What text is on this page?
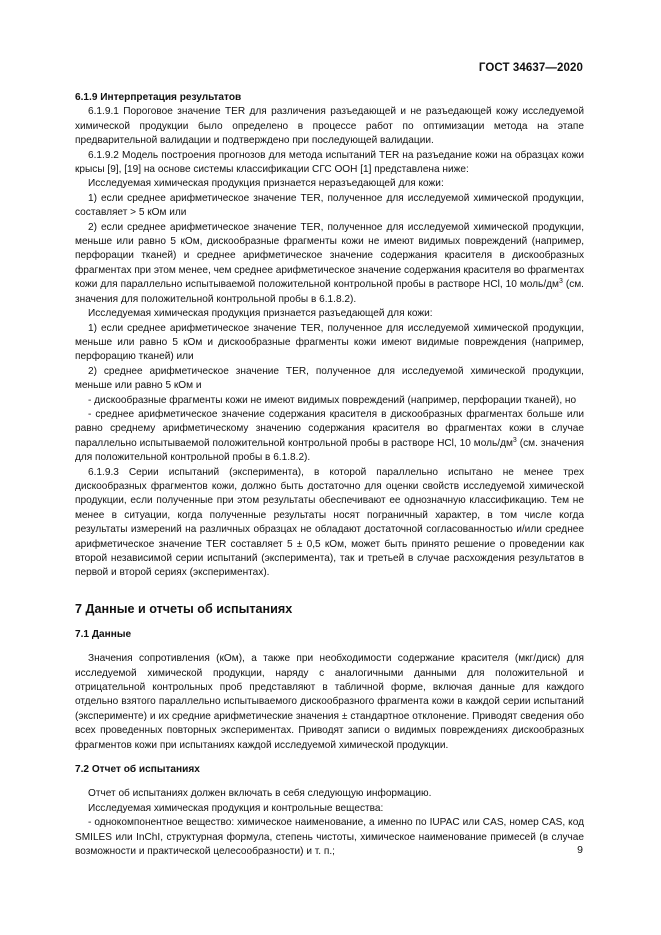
ГОСТ 34637—2020

6.1.9 Интерпретация результатов

6.1.9.1 Пороговое значение TER для различения разъедающей и не разъедающей кожу исследуемой химической продукции было определено в процессе работ по оптимизации метода на этапе предварительной валидации и подтверждено при последующей валидации.

6.1.9.2 Модель построения прогнозов для метода испытаний TER на разъедание кожи на образцах кожи крысы [9], [19] на основе системы классификации СГС ООН [1] представлена ниже:

Исследуемая химическая продукция признается неразъедающей для кожи:

1) если среднее арифметическое значение TER, полученное для исследуемой химической продукции, составляет > 5 кОм или

2) если среднее арифметическое значение TER, полученное для исследуемой химической продукции, меньше или равно 5 кОм, дискообразные фрагменты кожи не имеют видимых повреждений (например, перфорации тканей) и среднее арифметическое значение содержания красителя в дискообразных фрагментах при этом менее, чем среднее арифметическое значение содержания красителя во фрагментах кожи для параллельно испытываемой положительной контрольной пробы в растворе HCl, 10 моль/$дм^3$ (см. значения для положительной контрольной пробы в 6.1.8.2).

Исследуемая химическая продукция признается разъедающей для кожи:

1) если среднее арифметическое значение TER, полученное для исследуемой химической продукции, меньше или равно 5 кОм и дискообразные фрагменты кожи имеют видимые повреждения (например, перфорацию тканей) или

2) среднее арифметическое значение TER, полученное для исследуемой химической продукции, меньше или равно 5 кОм и

- дискообразные фрагменты кожи не имеют видимых повреждений (например, перфорации тканей), но

- среднее арифметическое значение содержания красителя в дискообразных фрагментах больше или равно среднему арифметическому значению содержания красителя во фрагментах кожи в случае параллельно испытываемой положительной контрольной пробы в растворе HCl, 10 моль/$дм^3$ (см. значения для положительной контрольной пробы в 6.1.8.2).

6.1.9.3 Серии испытаний (эксперимента), в которой параллельно испытано не менее трех дискообразных фрагментов кожи, должно быть достаточно для оценки свойств исследуемой химической продукции, если полученные при этом результаты обеспечивают ее однозначную классификацию. Тем не менее в ситуации, когда полученные результаты носят пограничный характер, в том числе когда результаты измерений на различных образцах не обладают достаточной согласованностью и/или среднее арифметическое значение TER составляет 5 ± 0,5 кОм, может быть принято решение о проведении как второй независимой серии испытаний (эксперимента), так и третьей в случае расхождения результатов в первой и второй сериях (экспериментах).

7 Данные и отчеты об испытаниях

7.1 Данные

Значения сопротивления (кОм), а также при необходимости содержание красителя (мкг/диск) для исследуемой химической продукции, наряду с аналогичными данными для положительной и отрицательной контрольных проб представляют в табличной форме, включая данные для каждого отдельно взятого параллельно испытываемого дискообразного фрагмента кожи в каждой серии испытаний (эксперименте) и их средние арифметические значения ± стандартное отклонение. Приводят сведения обо всех проведенных повторных экспериментах. Приводят записи о видимых повреждениях дискообразных фрагментов кожи при испытаниях каждой исследуемой химической продукции.

7.2 Отчет об испытаниях

Отчет об испытаниях должен включать в себя следующую информацию.

Исследуемая химическая продукция и контрольные вещества:

- однокомпонентное вещество: химическое наименование, а именно по IUPAC или CAS, номер CAS, код SMILES или InChI, структурная формула, степень чистоты, химическое наименование примесей (в случае возможности и практической целесообразности) и т. п.;	9
